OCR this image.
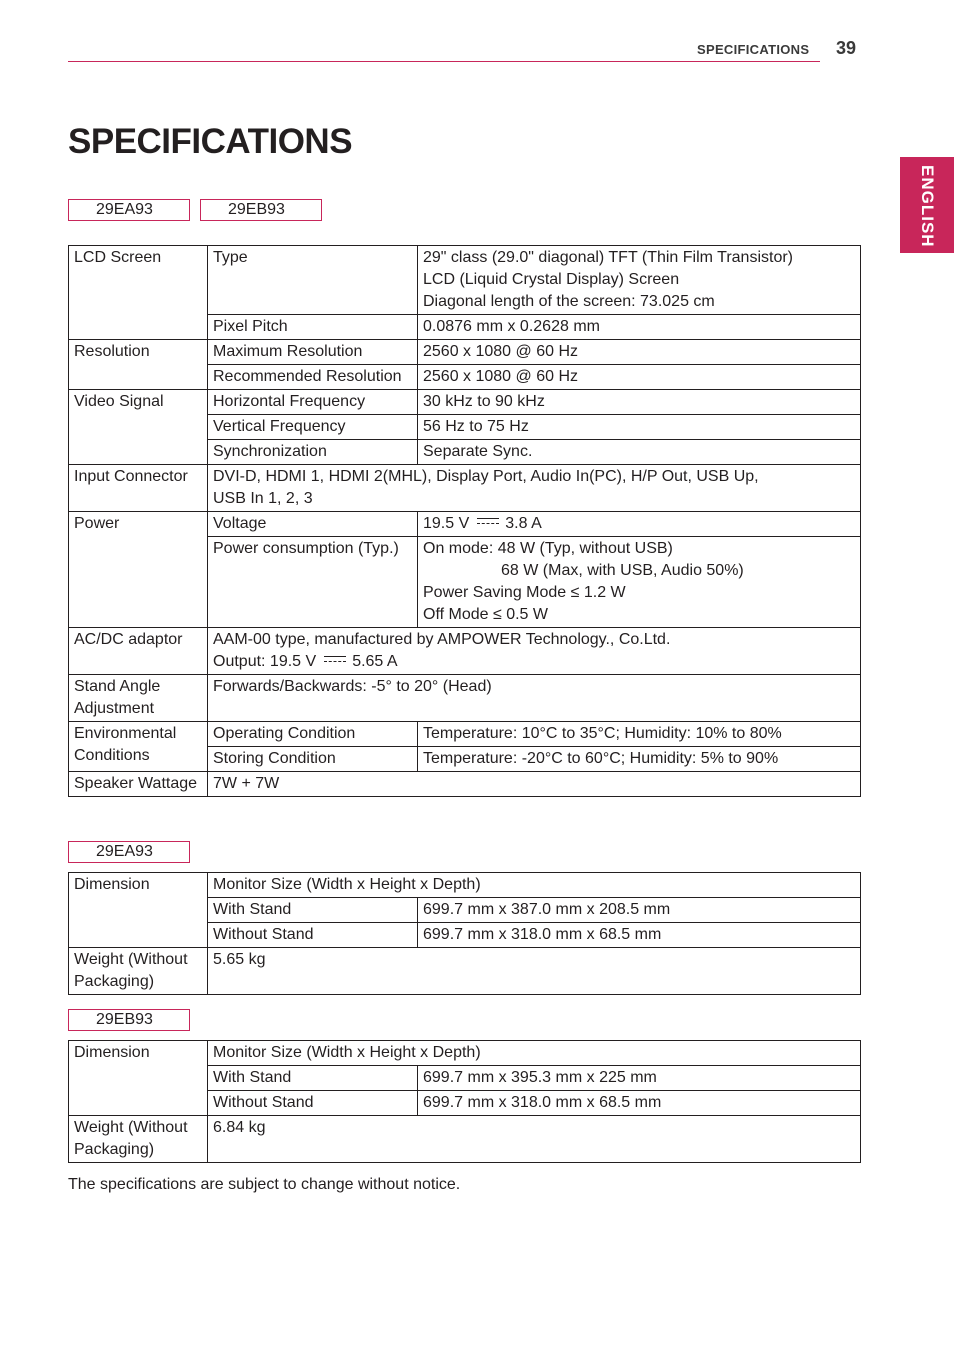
SPECIFICATIONS 39
ENGLISH
SPECIFICATIONS
29EA93	29EB93
LCD Screen	Type	29" class (29.0" diagonal) TFT (Thin Film Transistor)
LCD (Liquid Crystal Display) Screen
Diagonal length of the screen: 73.025 cm

	Pixel Pitch	0.0876 mm x 0.2628 mm
Resolution	Maximum Resolution	2560 x 1080 @ 60 Hz
	Recommended Resolution	2560 x 1080 @ 60 Hz
Video Signal	Horizontal Frequency	30 kHz to 90 kHz
	Vertical Frequency	56 Hz to 75 Hz
	Synchronization	Separate Sync.
Input Connector	DVI-D, HDMI 1, HDMI 2(MHL), Display Port, Audio In(PC), H/P Out, USB Up,
USB In 1, 2, 3	

Power	Voltage	19.5 V 3.8 A
	Power consumption (Typ.)	On mode: 48 W (Typ, without USB)
68 W (Max, with USB, Audio 50%)
Power Saving Mode ≤ 1.2 W
Off Mode ≤ 0.5 W

AC/DC adaptor	AAM-00 type, manufactured by AMPOWER Technology., Co.Ltd.
Output: 19.5 V 5.65 A	

Stand Angle
Adjustment	Forwards/Backwards: -5° to 20° (Head)	

Environmental
Conditions	Operating Condition	Temperature: 10°C to 35°C; Humidity: 10% to 80%
	Storing Condition	Temperature: -20°C to 60°C; Humidity: 5% to 90%
Speaker Wattage	7W + 7W	
29EA93
Dimension	Monitor Size (Width x Height x Depth)	
	With Stand	699.7 mm x 387.0 mm x 208.5 mm
	Without Stand	699.7 mm x 318.0 mm x 68.5 mm

Weight (Without
Packaging)	5.65 kg	
29EB93
Dimension	Monitor Size (Width x Height x Depth)	
	With Stand	699.7 mm x 395.3 mm x 225 mm
	Without Stand	699.7 mm x 318.0 mm x 68.5 mm

Weight (Without
Packaging)	6.84 kg	
The specifications are subject to change without notice.
